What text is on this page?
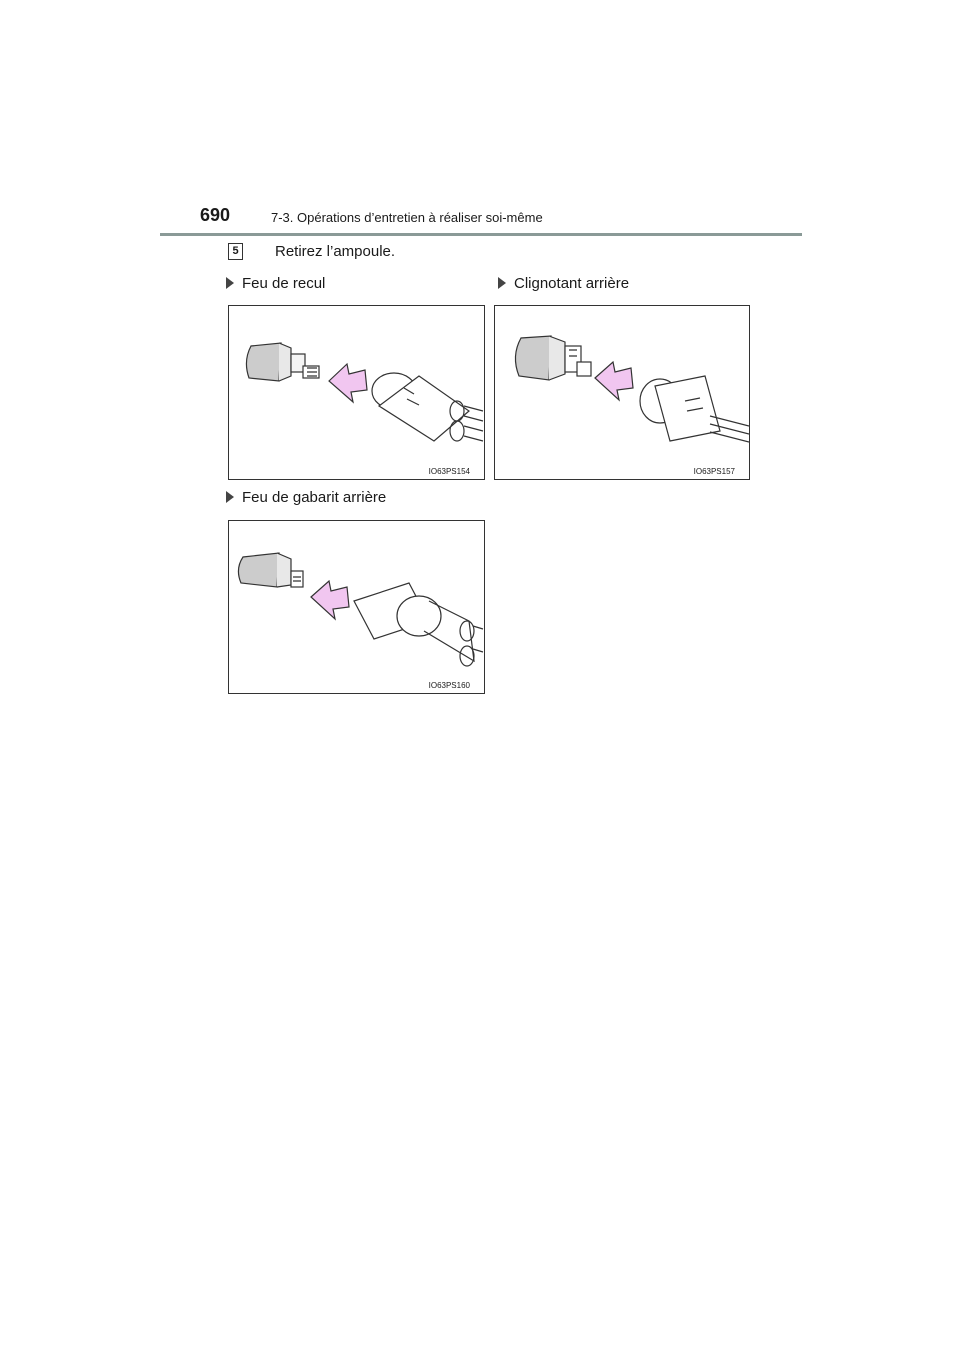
690	7-3. Opérations d’entretien à réaliser soi-même
5 Retirez l’ampoule.
Feu de recul	Clignotant arrière
Feu de gabarit arrière
IO63PS154	IO63PS157
IO63PS160
